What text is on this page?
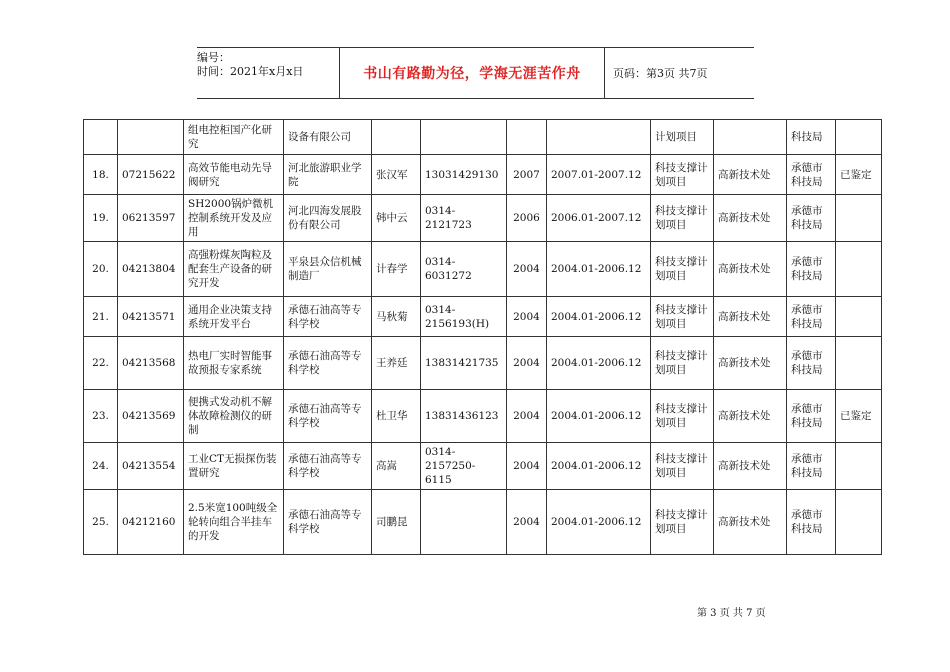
编号：
时间：2021年x月x日	书山有路勤为径，学海无涯苦作舟	页码：第3页 共7页
		组电控柜国产化研究	设备有限公司					计划项目		科技局	
18.	07215622	高效节能电动先导阀研究	河北旅游职业学院	张汉军	13031429130	2007	2007.01-2007.12	科技支撑计划项目	高新技术处	承德市科技局	已鉴定
19.	06213597	SH2000锅炉微机控制系统开发及应用	河北四海发展股份有限公司	韩中云	0314-2121723	2006	2006.01-2007.12	科技支撑计划项目	高新技术处	承德市科技局	
20.	04213804	高强粉煤灰陶粒及配套生产设备的研究开发	平泉县众信机械制造厂	计春学	0314-6031272	2004	2004.01-2006.12	科技支撑计划项目	高新技术处	承德市科技局	
21.	04213571	通用企业决策支持系统开发平台	承德石油高等专科学校	马秋菊	0314-2156193(H)	2004	2004.01-2006.12	科技支撑计划项目	高新技术处	承德市科技局	
22.	04213568	热电厂实时智能事故预报专家系统	承德石油高等专科学校	王养廷	13831421735	2004	2004.01-2006.12	科技支撑计划项目	高新技术处	承德市科技局	
23.	04213569	便携式发动机不解体故障检测仪的研制	承德石油高等专科学校	杜卫华	13831436123	2004	2004.01-2006.12	科技支撑计划项目	高新技术处	承德市科技局	已鉴定
24.	04213554	工业CT无损探伤装置研究	承德石油高等专科学校	高嵩	0314-2157250-6115	2004	2004.01-2006.12	科技支撑计划项目	高新技术处	承德市科技局	
25.	04212160	2.5米宽100吨级全轮转向组合半挂车的开发	承德石油高等专科学校	司鹏昆		2004	2004.01-2006.12	科技支撑计划项目	高新技术处	承德市科技局	
第 3 页 共 7 页
